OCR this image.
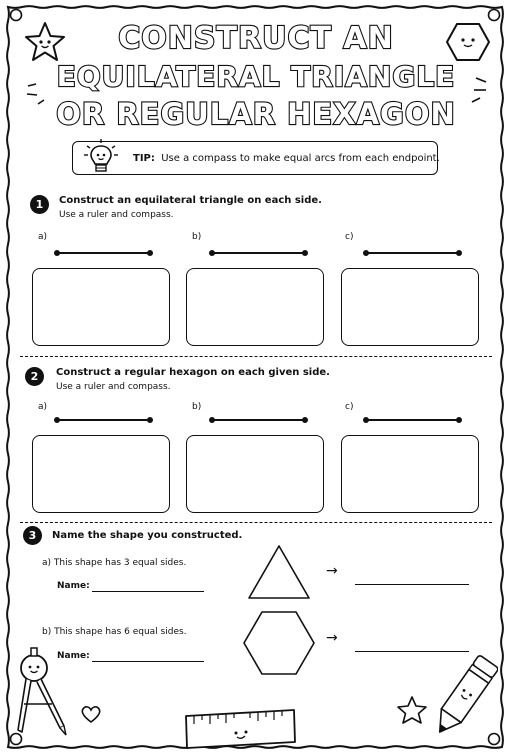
CONSTRUCT AN
EQUILATERAL TRIANGLE
OR REGULAR HEXAGON
TIP: Use a compass to make equal arcs from each endpoint.
1	Construct an equilateral triangle on each side.
Use a ruler and compass.
a)	b)	c)
2	Construct a regular hexagon on each given side.
Use a ruler and compass.
a)	b)	c)
3	Name the shape you constructed.
a) This shape has 3 equal sides.
Name:
→
b) This shape has 6 equal sides.
Name:
→
